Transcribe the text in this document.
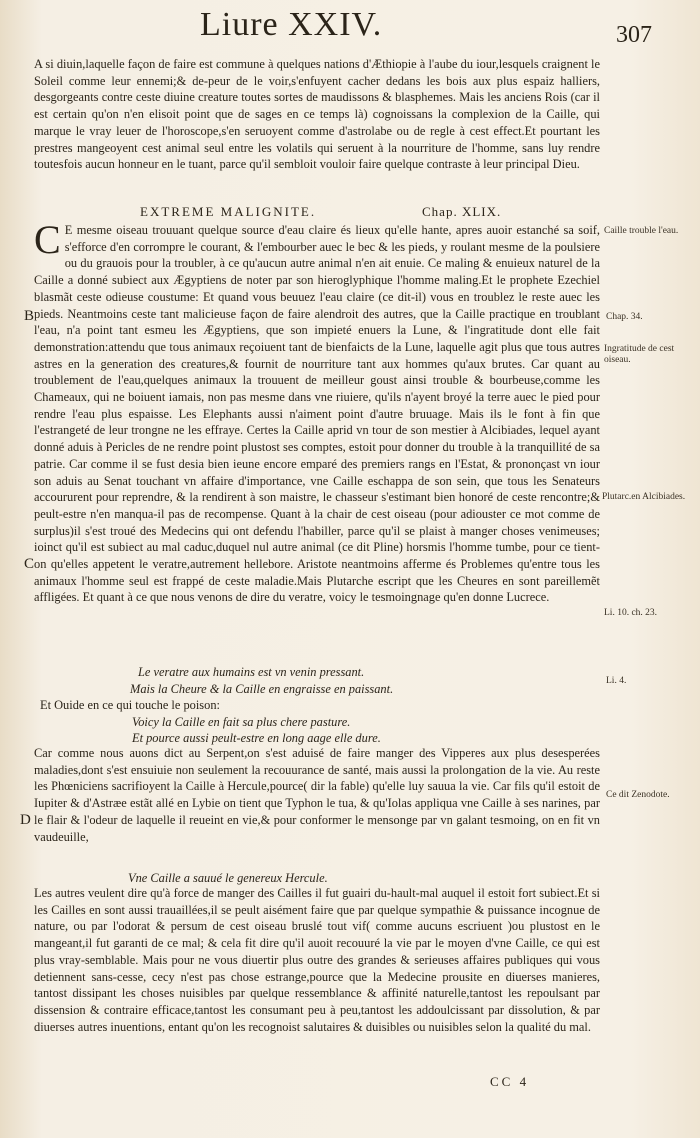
Liure XXIV.	307
A si diuin,laquelle façon de faire est commune à quelques nations d'Æthiopie à l'aube du iour,lesquels craignent le Soleil comme leur ennemi;& de-peur de le voir,s'enfuyent cacher dedans les bois aux plus espaiz halliers, desgorgeants contre ceste diuine creature toutes sortes de maudissons & blasphemes. Mais les anciens Rois (car il est certain qu'on n'en elisoit point que de sages en ce temps là) cognoissans la complexion de la Caille, qui marque le vray leuer de l'horoscope,s'en seruoyent comme d'astrolabe ou de regle à cest effect.Et pourtant les prestres mangeoyent cest animal seul entre les volatils qui seruent à la nourriture de l'homme, sans luy rendre toutesfois aucun honneur en le tuant, parce qu'il sembloit vouloir faire quelque contraste à leur principal Dieu.
EXTREME MALIGNITE.	Chap. XLIX.
C E mesme oiseau trouuant quelque source d'eau claire és lieux qu'elle hante, apres auoir estanché sa soif, s'efforce d'en corrompre le courant, & l'embourber auec le bec & les pieds, y roulant mesme de la poulsiere ou du grauois pour la troubler, à ce qu'aucun autre animal n'en ait enuie. Ce maling & enuieux naturel de la Caille a donné subiect aux Ægyptiens de noter par son hieroglyphique l'homme maling.Et le prophete Ezechiel blasmãt ceste odieuse coustume: Et quand vous beuuez l'eau claire (ce dit-il) vous en troublez le reste auec les pieds. Neantmoins ceste tant malicieuse façon de faire alendroit des autres, que la Caille practique en troublant l'eau, n'a point tant esmeu les Ægyptiens, que son impieté enuers la Lune, & l'ingratitude dont elle fait demonstration:attendu que tous animaux reçoiuent tant de bienfaicts de la Lune, laquelle agit plus que tous autres astres en la generation des creatures,& fournit de nourriture tant aux hommes qu'aux brutes. Car quant au troublement de l'eau,quelques animaux la trouuent de meilleur goust ainsi trouble & bourbeuse,comme les Chameaux, qui ne boiuent iamais, non pas mesme dans vne riuiere, qu'ils n'ayent broyé la terre auec le pied pour rendre l'eau plus espaisse. Les Elephants aussi n'aiment point d'autre bruuage. Mais ils le font à fin que l'estrangeté de leur trongne ne les effraye. Certes la Caille aprid vn tour de son mestier à Alcibiades, lequel ayant donné aduis à Pericles de ne rendre point plustost ses comptes, estoit pour donner du trouble à la tranquillité de sa patrie. Car comme il se fust desia bien ieune encore emparé des premiers rangs en l'Estat, & prononçast vn iour son aduis au Senat touchant vn affaire d'importance, vne Caille eschappa de son sein, que tous les Senateurs accoururent pour reprendre, & la rendirent à son maistre, le chasseur s'estimant bien honoré de ceste rencontre;& peult-estre n'en manqua-il pas de recompense. Quant à la chair de cest oiseau (pour adiouster ce mot comme de surplus)il s'est troué des Medecins qui ont defendu l'habiller, parce qu'il se plaist à manger choses venimeuses; ioinct qu'il est subiect au mal caduc,duquel nul autre animal (ce dit Pline) horsmis l'homme tumbe, pour ce tient-on qu'elles appetent le veratre,autrement hellebore. Aristote neantmoins afferme és Problemes qu'entre tous les animaux l'homme seul est frappé de ceste maladie.Mais Plutarche escript que les Cheures en sont pareillemẽt affligées. Et quant à ce que nous venons de dire du veratre, voicy le tesmoingnage qu'en donne Lucrece.
Le veratre aux humains est vn venin pressant.
Mais la Cheure & la Caille en engraisse en paissant.
Et Ouide en ce qui touche le poison:
Voicy la Caille en fait sa plus chere pasture.
Et pource aussi peult-estre en long aage elle dure.
Car comme nous auons dict au Serpent,on s'est aduisé de faire manger des Vipperes aux plus desesperées maladies,dont s'est ensuiuie non seulement la recouurance de santé, mais aussi la prolongation de la vie. Au reste les Phœniciens sacrifioyent la Caille à Hercule,pource( dir la fable) qu'elle luy sauua la vie. Car fils qu'il estoit de Iupiter & d'Astræe estãt allé en Lybie on tient que Typhon le tua, & qu'Iolas appliqua vne Caille à ses narines, par le flair & l'odeur de laquelle il reueint en vie,& pour conformer le mensonge par vn galant tesmoing, on en fit vn vaudeuille,
Vne Caille a sauué le genereux Hercule.
Les autres veulent dire qu'à force de manger des Cailles il fut guairi du-hault-mal auquel il estoit fort subiect.Et si les Cailles en sont aussi trauaillées,il se peult aisément faire que par quelque sympathie & puissance incognue de nature, ou par l'odorat & persum de cest oiseau bruslé tout vif( comme aucuns escriuent )ou plustost en le mangeant,il fut garanti de ce mal; & cela fit dire qu'il auoit recouuré la vie par le moyen d'vne Caille, ce qui est plus vray-semblable. Mais pour ne vous diuertir plus outre des grandes & serieuses affaires publiques qui vous detiennent sans-cesse, cecy n'est pas chose estrange,pource que la Medecine prousite en diuerses manieres, tantost dissipant les choses nuisibles par quelque ressemblance & affinité naturelle,tantost les repoulsant par dissension & contraire efficace,tantost les consumant peu à peu,tantost les addoulcissant par dissolution, & par diuerses autres inuentions, entant qu'on les recognoist salutaires & duisibles ou nuisibles selon la qualité du mal.
Caille trouble l'eau.
Chap. 34.
Ingratitude de cest oiseau.
Plutarc.en Alcibiades.
Li. 10. ch. 23.
Li. 4.
Ce dit Zenodote.
B
C
D
CC 4
